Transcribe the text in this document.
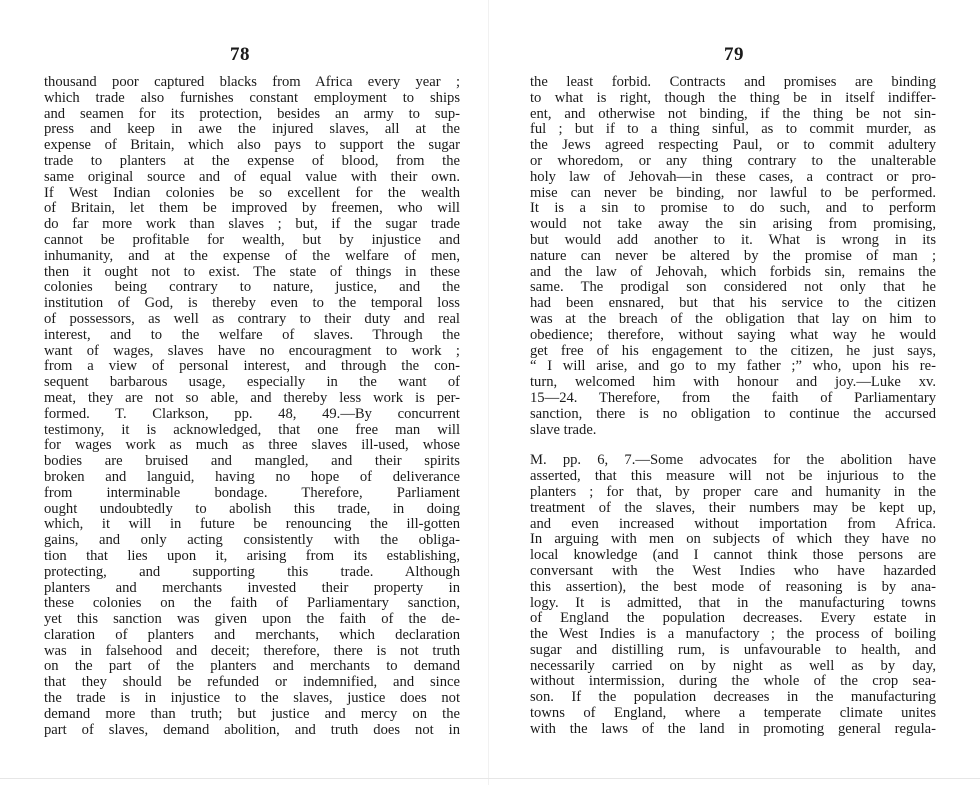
78	79
thousand poor captured blacks from Africa every year ;
which trade also furnishes constant employment to ships
and seamen for its protection, besides an army to sup-
press and keep in awe the injured slaves, all at the
expense of Britain, which also pays to support the sugar
trade to planters at the expense of blood, from the
same original source and of equal value with their own.
If West Indian colonies be so excellent for the wealth
of Britain, let them be improved by freemen, who will
do far more work than slaves ; but, if the sugar trade
cannot be profitable for wealth, but by injustice and
inhumanity, and at the expense of the welfare of men,
then it ought not to exist. The state of things in these
colonies being contrary to nature, justice, and the
institution of God, is thereby even to the temporal loss
of possessors, as well as contrary to their duty and real
interest, and to the welfare of slaves. Through the
want of wages, slaves have no encouragment to work ;
from a view of personal interest, and through the con-
sequent barbarous usage, especially in the want of
meat, they are not so able, and thereby less work is per-
formed. T. Clarkson, pp. 48, 49.—By concurrent
testimony, it is acknowledged, that one free man will
for wages work as much as three slaves ill-used, whose
bodies are bruised and mangled, and their spirits
broken and languid, having no hope of deliverance
from interminable bondage. Therefore, Parliament
ought undoubtedly to abolish this trade, in doing
which, it will in future be renouncing the ill-gotten
gains, and only acting consistently with the obliga-
tion that lies upon it, arising from its establishing,
protecting, and supporting this trade. Although
planters and merchants invested their property in
these colonies on the faith of Parliamentary sanction,
yet this sanction was given upon the faith of the de-
claration of planters and merchants, which declaration
was in falsehood and deceit; therefore, there is not truth
on the part of the planters and merchants to demand
that they should be refunded or indemnified, and since
the trade is in injustice to the slaves, justice does not
demand more than truth; but justice and mercy on the
part of slaves, demand abolition, and truth does not in
the least forbid. Contracts and promises are binding
to what is right, though the thing be in itself indiffer-
ent, and otherwise not binding, if the thing be not sin-
ful ; but if to a thing sinful, as to commit murder, as
the Jews agreed respecting Paul, or to commit adultery
or whoredom, or any thing contrary to the unalterable
holy law of Jehovah—in these cases, a contract or pro-
mise can never be binding, nor lawful to be performed.
It is a sin to promise to do such, and to perform
would not take away the sin arising from promising,
but would add another to it. What is wrong in its
nature can never be altered by the promise of man ;
and the law of Jehovah, which forbids sin, remains the
same. The prodigal son considered not only that he
had been ensnared, but that his service to the citizen
was at the breach of the obligation that lay on him to
obedience; therefore, without saying what way he would
get free of his engagement to the citizen, he just says,
“ I will arise, and go to my father ;” who, upon his re-
turn, welcomed him with honour and joy.—Luke xv.
15—24. Therefore, from the faith of Parliamentary
sanction, there is no obligation to continue the accursed
slave trade.
M. pp. 6, 7.—Some advocates for the abolition have
asserted, that this measure will not be injurious to the
planters ; for that, by proper care and humanity in the
treatment of the slaves, their numbers may be kept up,
and even increased without importation from Africa.
In arguing with men on subjects of which they have no
local knowledge (and I cannot think those persons are
conversant with the West Indies who have hazarded
this assertion), the best mode of reasoning is by ana-
logy. It is admitted, that in the manufacturing towns
of England the population decreases. Every estate in
the West Indies is a manufactory ; the process of boiling
sugar and distilling rum, is unfavourable to health, and
necessarily carried on by night as well as by day,
without intermission, during the whole of the crop sea-
son. If the population decreases in the manufacturing
towns of England, where a temperate climate unites
with the laws of the land in promoting general regula-
